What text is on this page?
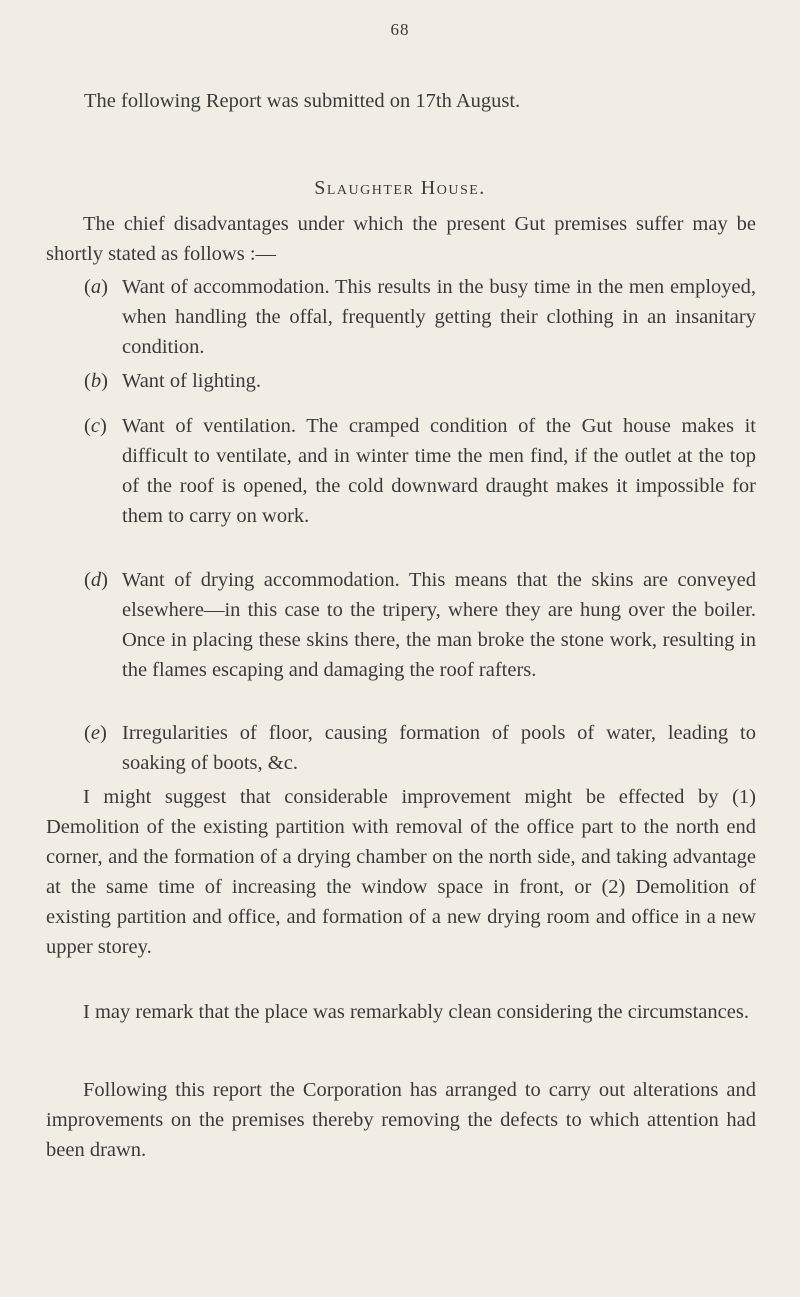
68
The following Report was submitted on 17th August.
Slaughter House.
The chief disadvantages under which the present Gut premises suffer may be shortly stated as follows :—
(a) Want of accommodation. This results in the busy time in the men employed, when handling the offal, frequently getting their clothing in an insanitary condition.
(b) Want of lighting.
(c) Want of ventilation. The cramped condition of the Gut house makes it difficult to ventilate, and in winter time the men find, if the outlet at the top of the roof is opened, the cold downward draught makes it impossible for them to carry on work.
(d) Want of drying accommodation. This means that the skins are conveyed elsewhere—in this case to the tripery, where they are hung over the boiler. Once in placing these skins there, the man broke the stone work, resulting in the flames escaping and damaging the roof rafters.
(e) Irregularities of floor, causing formation of pools of water, leading to soaking of boots, &c.
I might suggest that considerable improvement might be effected by (1) Demolition of the existing partition with removal of the office part to the north end corner, and the formation of a drying chamber on the north side, and taking advantage at the same time of increasing the window space in front, or (2) Demolition of existing partition and office, and formation of a new drying room and office in a new upper storey.
I may remark that the place was remarkably clean considering the circumstances.
Following this report the Corporation has arranged to carry out alterations and improvements on the premises thereby removing the defects to which attention had been drawn.
